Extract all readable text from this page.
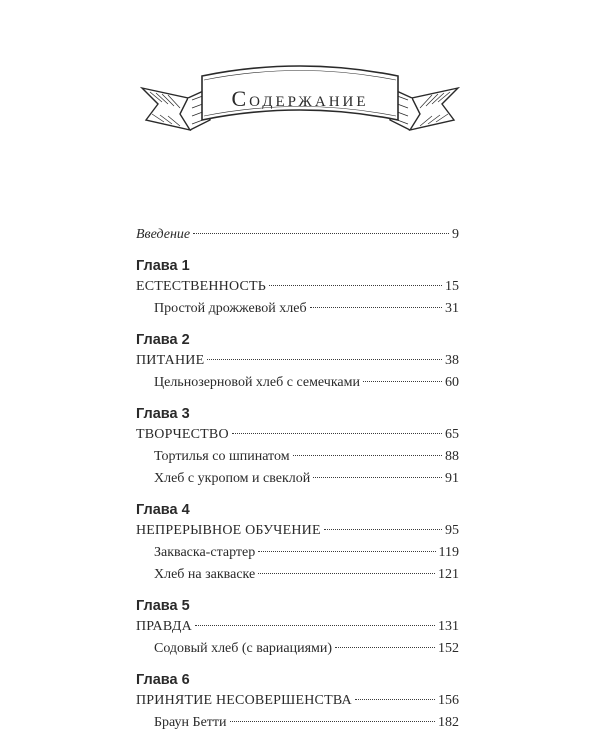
Содержание
Введение	9
Глава 1
ЕСТЕСТВЕННОСТЬ	15
Простой дрожжевой хлеб	31
Глава 2
ПИТАНИЕ	38
Цельнозерновой хлеб с семечками	60
Глава 3
ТВОРЧЕСТВО	65
Тортилья со шпинатом	88
Хлеб с укропом и свеклой	91
Глава 4
НЕПРЕРЫВНОЕ ОБУЧЕНИЕ	95
Закваска-стартер	119
Хлеб на закваске	121
Глава 5
ПРАВДА	131
Содовый хлеб (с вариациями)	152
Глава 6
ПРИНЯТИЕ НЕСОВЕРШЕНСТВА	156
Браун Бетти	182
